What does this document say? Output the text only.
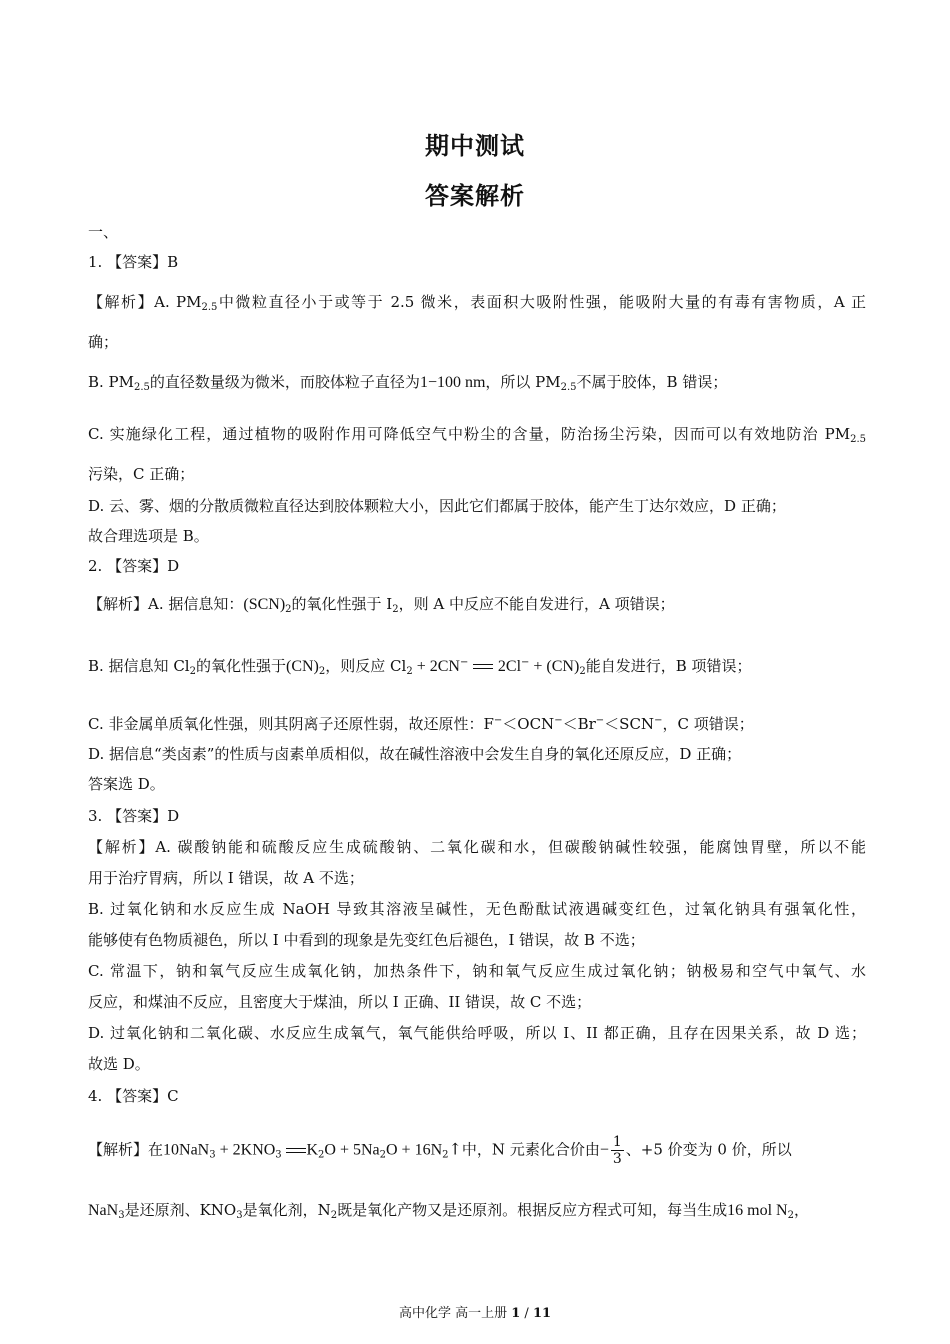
期中测试
答案解析
一、
1. 【答案】B
【解析】A. $PM_{2.5}$中微粒直径小于或等于 2.5 微米，表面积大吸附性强，能吸附大量的有毒有害物质，A 正
确；
B. $PM_{2.5}$的直径数量级为微米，而胶体粒子直径为1−100 nm，所以 $PM_{2.5}$不属于胶体，B 错误；
C. 实施绿化工程，通过植物的吸附作用可降低空气中粉尘的含量，防治扬尘污染，因而可以有效地防治 $PM_{2.5}$
污染，C 正确；
D. 云、雾、烟的分散质微粒直径达到胶体颗粒大小，因此它们都属于胶体，能产生丁达尔效应，D 正确；
故合理选项是 B。
2. 【答案】D
【解析】A. 据信息知：$(SCN)_2$的氧化性强于 $I_2$，则 A 中反应不能自发进行，A 项错误；
B. 据信息知 $Cl_2$的氧化性强于$(CN)_2$，则反应 $Cl_2 + 2CN^-$ $2Cl^- + (CN)_2$能自发进行，B 项错误；
C. 非金属单质氧化性强，则其阴离子还原性弱，故还原性：F−＜OCN−＜Br−＜SCN−，C 项错误；
D. 据信息“类卤素”的性质与卤素单质相似，故在碱性溶液中会发生自身的氧化还原反应，D 正确；
答案选 D。
3. 【答案】D
【解析】A. 碳酸钠能和硫酸反应生成硫酸钠、二氧化碳和水，但碳酸钠碱性较强，能腐蚀胃壁，所以不能
用于治疗胃病，所以 I 错误，故 A 不选；
B. 过氧化钠和水反应生成 NaOH 导致其溶液呈碱性，无色酚酞试液遇碱变红色，过氧化钠具有强氧化性，
能够使有色物质褪色，所以 I 中看到的现象是先变红色后褪色，I 错误，故 B 不选；
C. 常温下，钠和氧气反应生成氧化钠，加热条件下，钠和氧气反应生成过氧化钠；钠极易和空气中氧气、水
反应，和煤油不反应，且密度大于煤油，所以 I 正确、II 错误，故 C 不选；
D. 过氧化钠和二氧化碳、水反应生成氧气，氧气能供给呼吸，所以 I、II 都正确，且存在因果关系，故 D 选；
故选 D。
4. 【答案】C
【解析】在$10NaN_3 + 2KNO_3$ $K_2O + 5Na_2O$ + $16N_2↑$中，N 元素化合价由− $\frac{1}{3}$ 、+5 价变为 0 价，所以
NaN$_3$是还原剂、$KNO_3$是氧化剂，$N_2$既是氧化产物又是还原剂。根据反应方程式可知，每当生成16 mol $N_2$，
高中化学 高一上册 1 / 11
